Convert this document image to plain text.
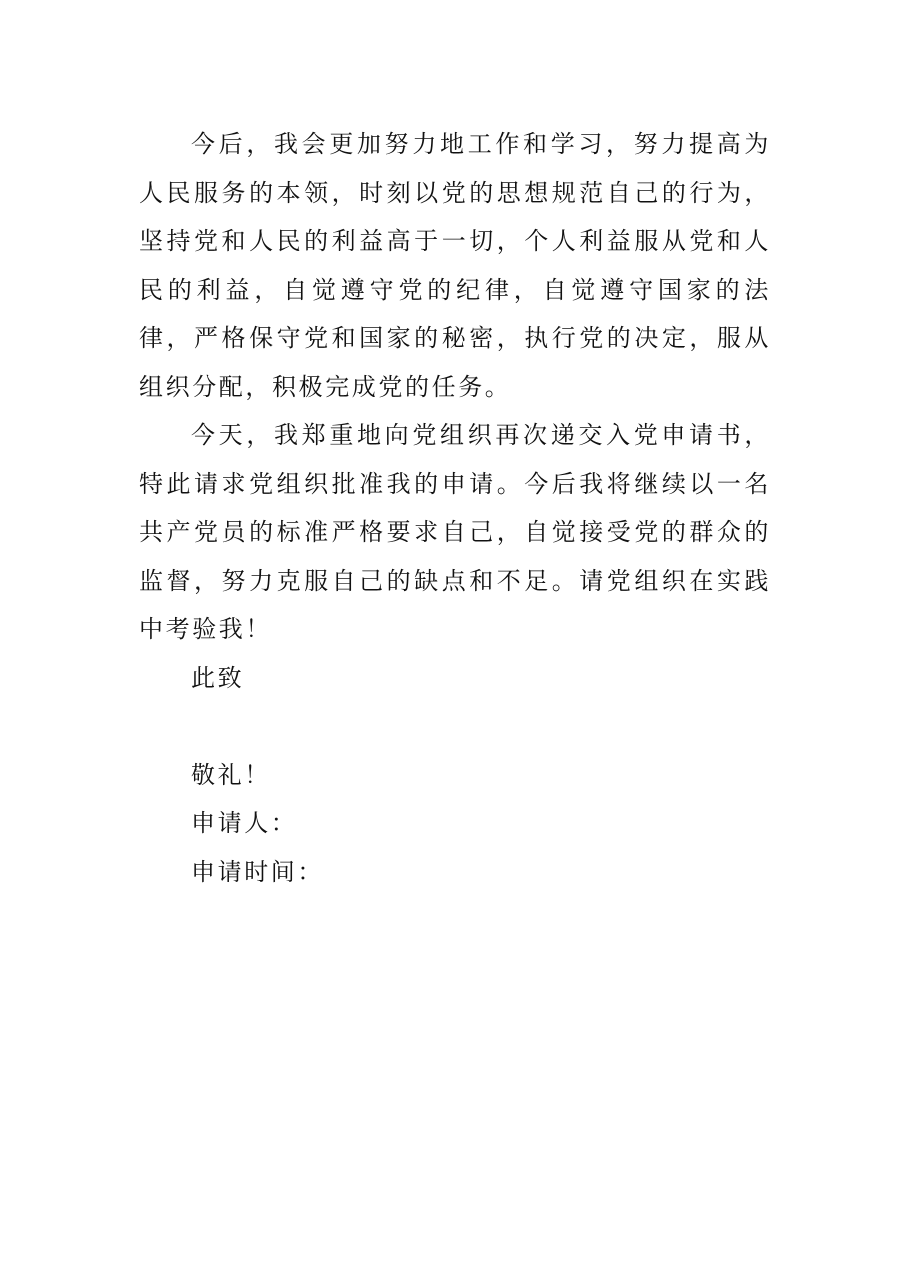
今后，我会更加努力地工作和学习，努力提高为人民服务的本领，时刻以党的思想规范自己的行为，坚持党和人民的利益高于一切，个人利益服从党和人民的利益，自觉遵守党的纪律，自觉遵守国家的法律，严格保守党和国家的秘密，执行党的决定，服从组织分配，积极完成党的任务。

今天，我郑重地向党组织再次递交入党申请书，特此请求党组织批准我的申请。今后我将继续以一名共产党员的标准严格要求自己，自觉接受党的群众的监督，努力克服自己的缺点和不足。请党组织在实践中考验我！

此致

敬礼！

申请人：

申请时间：
